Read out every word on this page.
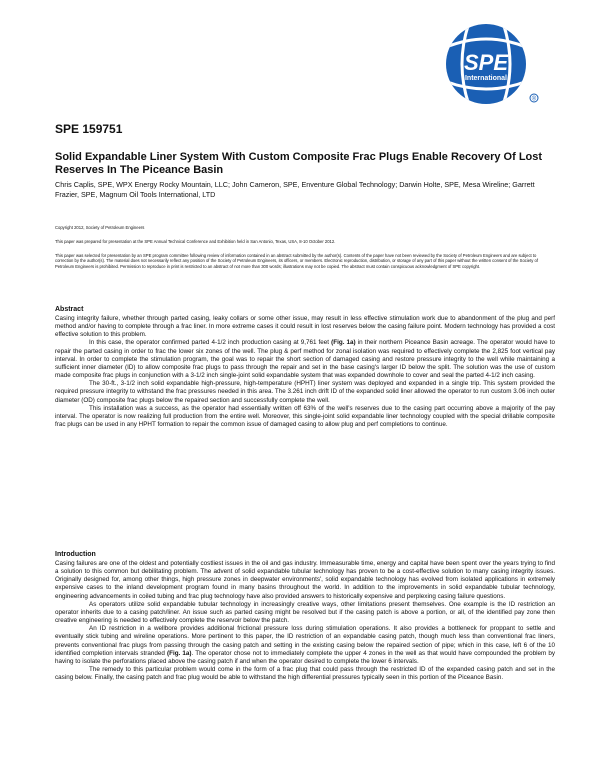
SPE
International
®
SPE 159751
Solid Expandable Liner System With Custom Composite Frac Plugs Enable Recovery Of Lost Reserves In The Piceance Basin

Chris Caplis, SPE, WPX Energy Rocky Mountain, LLC; John Cameron, SPE, Enventure Global Technology; Darwin Holte, SPE, Mesa Wireline; Garrett Frazier, SPE, Magnum Oil Tools International, LTD

Copyright 2012, Society of Petroleum Engineers

This paper was prepared for presentation at the SPE Annual Technical Conference and Exhibition held in San Antonio, Texas, USA, 8-10 October 2012.

This paper was selected for presentation by an SPE program committee following review of information contained in an abstract submitted by the author(s). Contents of the paper have not been reviewed by the Society of Petroleum Engineers and are subject to correction by the author(s). The material does not necessarily reflect any position of the Society of Petroleum Engineers, its officers, or members. Electronic reproduction, distribution, or storage of any part of this paper without the written consent of the Society of Petroleum Engineers is prohibited. Permission to reproduce in print is restricted to an abstract of not more than 300 words; illustrations may not be copied. The abstract must contain conspicuous acknowledgment of SPE copyright.

Abstract

Casing integrity failure, whether through parted casing, leaky collars or some other issue, may result in less effective stimulation work due to abandonment of the plug and perf method and/or having to complete through a frac liner. In more extreme cases it could result in lost reserves below the casing failure point. Modern technology has provided a cost effective solution to this problem.

In this case, the operator confirmed parted 4-1/2 inch production casing at 9,761 feet (Fig. 1a) in their northern Piceance Basin acreage. The operator would have to repair the parted casing in order to frac the lower six zones of the well. The plug & perf method for zonal isolation was required to effectively complete the 2,825 foot vertical pay interval. In order to complete the stimulation program, the goal was to repair the short section of damaged casing and restore pressure integrity to the well while maintaining a sufficient inner diameter (ID) to allow composite frac plugs to pass through the repair and set in the base casing's larger ID below the split. The solution was the use of custom made composite frac plugs in conjunction with a 3-1/2 inch single-joint solid expandable system that was expanded downhole to cover and seal the parted 4-1/2 inch casing.

The 30-ft., 3-1/2 inch solid expandable high-pressure, high-temperature (HPHT) liner system was deployed and expanded in a single trip. This system provided the required pressure integrity to withstand the frac pressures needed in this area. The 3.261 inch drift ID of the expanded solid liner allowed the operator to run custom 3.06 inch outer diameter (OD) composite frac plugs below the repaired section and successfully complete the well.

This installation was a success, as the operator had essentially written off 63% of the well's reserves due to the casing part occurring above a majority of the pay interval. The operator is now realizing full production from the entire well. Moreover, this single-joint solid expandable liner technology coupled with the special drillable composite frac plugs can be used in any HPHT formation to repair the common issue of damaged casing to allow plug and perf completions to continue.

Introduction

Casing failures are one of the oldest and potentially costliest issues in the oil and gas industry. Immeasurable time, energy and capital have been spent over the years trying to find a solution to this common but debilitating problem. The advent of solid expandable tubular technology has proven to be a cost-effective solution to many casing integrity issues. Originally designed for, among other things, high pressure zones in deepwater environments', solid expandable technology has evolved from isolated applications in extremely expensive cases to the inland development program found in many basins throughout the world. In addition to the improvements in solid expandable tubular technology, engineering advancements in coiled tubing and frac plug technology have also provided answers to historically expensive and perplexing casing failure questions.

As operators utilize solid expandable tubular technology in increasingly creative ways, other limitations present themselves. One example is the ID restriction an operator inherits due to a casing patch/liner. An issue such as parted casing might be resolved but if the casing patch is above a portion, or all, of the identified pay zone then creative engineering is needed to effectively complete the reservoir below the patch.

An ID restriction in a wellbore provides additional frictional pressure loss during stimulation operations. It also provides a bottleneck for proppant to settle and eventually stick tubing and wireline operations. More pertinent to this paper, the ID restriction of an expandable casing patch, though much less than conventional frac liners, prevents conventional frac plugs from passing through the casing patch and setting in the existing casing below the repaired section of pipe; which in this case, left 6 of the 10 identified completion intervals stranded (Fig. 1a). The operator chose not to immediately complete the upper 4 zones in the well as that would have compounded the problem by having to isolate the perforations placed above the casing patch if and when the operator desired to complete the lower 6 intervals.

The remedy to this particular problem would come in the form of a frac plug that could pass through the restricted ID of the expanded casing patch and set in the casing below. Finally, the casing patch and frac plug would be able to withstand the high differential pressures typically seen in this portion of the Piceance Basin.
